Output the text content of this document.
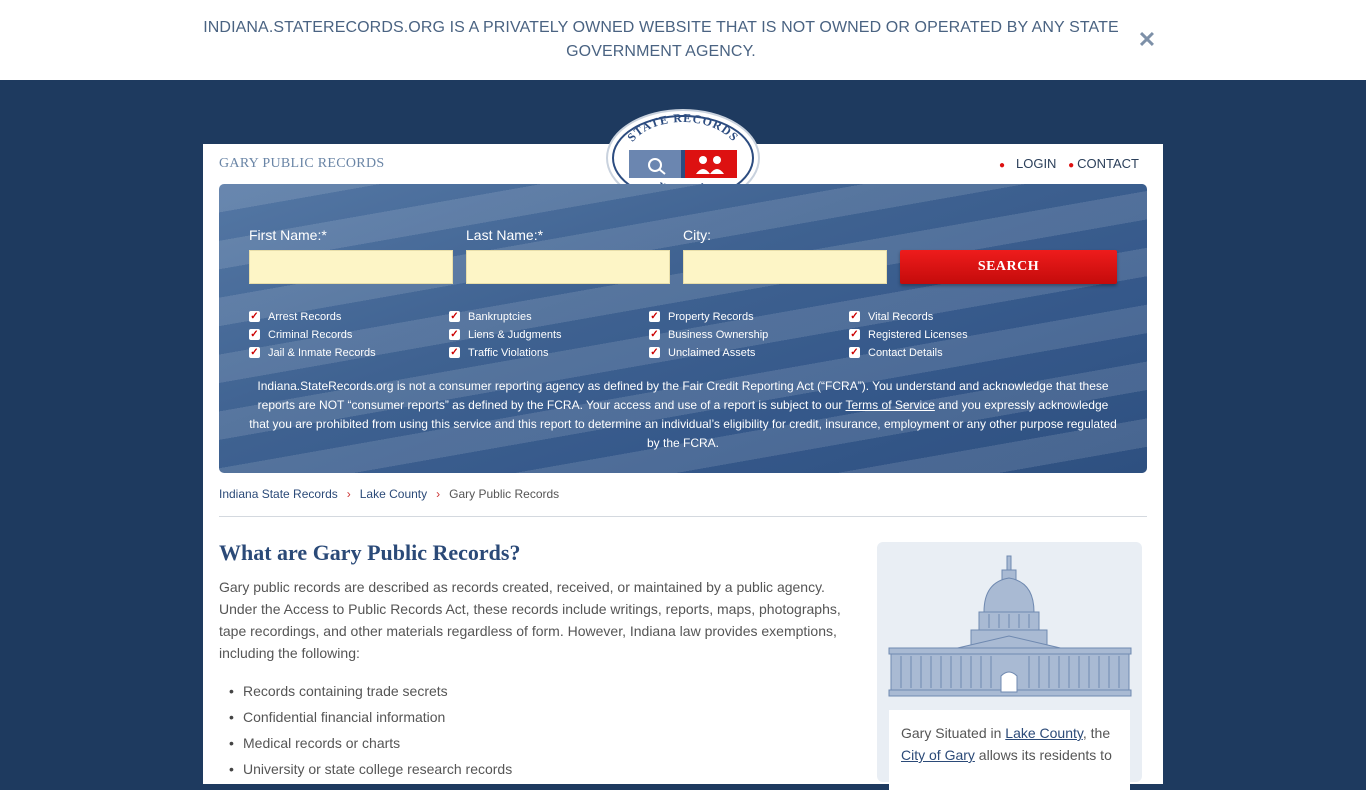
INDIANA.STATERECORDS.ORG IS A PRIVATELY OWNED WEBSITE THAT IS NOT OWNED OR OPERATED BY ANY STATE GOVERNMENT AGENCY.	✕
GARY PUBLIC RECORDS	● LOGIN ● CONTACT
STATE RECORDS
First Name:*	Last Name:*	City:
SEARCH
✓ Arrest Records
✓ Criminal Records
✓ Jail & Inmate Records
✓ Bankruptcies
✓ Liens & Judgments
✓ Traffic Violations
✓ Property Records
✓ Business Ownership
✓ Unclaimed Assets
✓ Vital Records
✓ Registered Licenses
✓ Contact Details
Indiana.StateRecords.org is not a consumer reporting agency as defined by the Fair Credit Reporting Act (“FCRA”). You understand and acknowledge that these reports are NOT “consumer reports” as defined by the FCRA. Your access and use of a report is subject to our Terms of Service and you expressly acknowledge that you are prohibited from using this service and this report to determine an individual’s eligibility for credit, insurance, employment or any other purpose regulated by the FCRA.
Indiana State Records › Lake County › Gary Public Records
What are Gary Public Records?

Gary public records are described as records created, received, or maintained by a public agency. Under the Access to Public Records Act, these records include writings, reports, maps, photographs, tape recordings, and other materials regardless of form. However, Indiana law provides exemptions, including the following:

• Records containing trade secrets
• Confidential financial information
• Medical records or charts
• University or state college research records
Gary Situated in Lake County, the City of Gary allows its residents to
